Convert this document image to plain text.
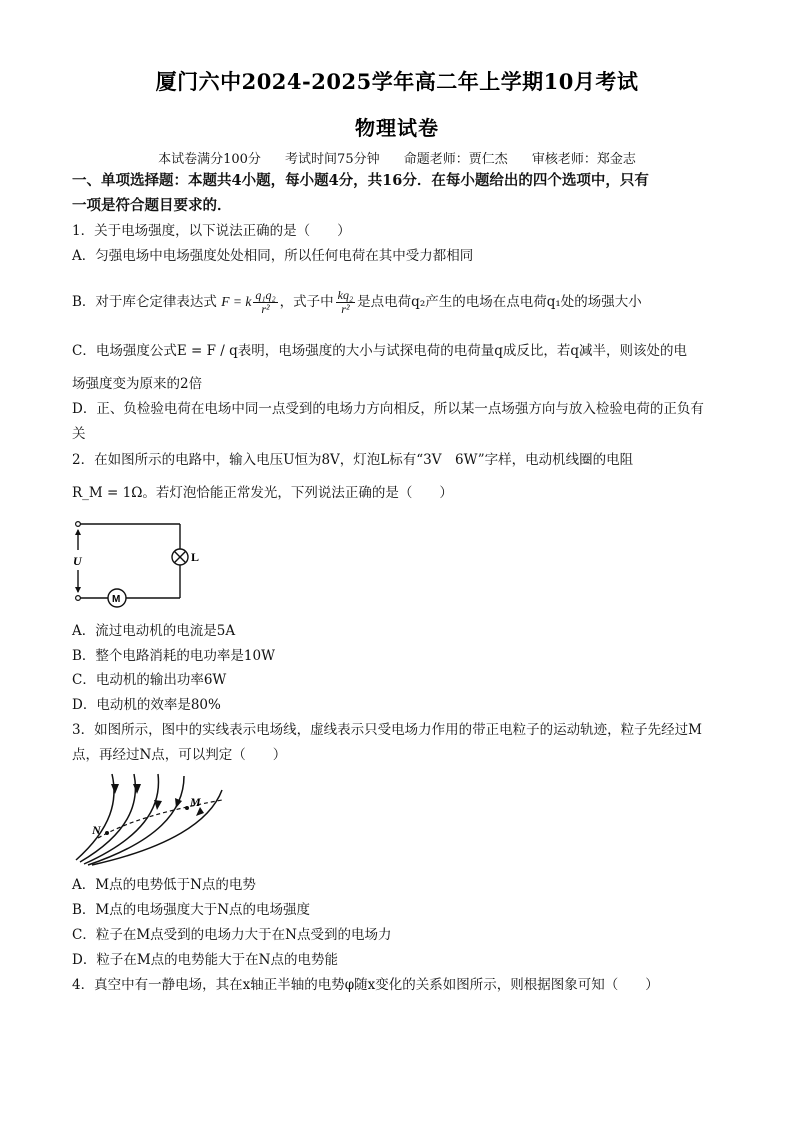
厦门六中2024-2025学年高二年上学期10月考试
物理试卷
本试卷满分100分 考试时间75分钟 命题老师：贾仁杰 审核老师：郑金志
一、单项选择题：本题共4小题，每小题4分，共16分．在每小题给出的四个选项中，只有
一项是符合题目要求的．
1．关于电场强度，以下说法正确的是（　　）
A．匀强电场中电场强度处处相同，所以任何电荷在其中受力都相同
B．对于库仑定律表达式 F = k $\frac{\text{q₁q₂}}{\text{r²}}$ ，式子中 $\frac{\text{kq₂}}{\text{r²}}$ 是点电荷q₂产生的电场在点电荷q₁处的场强大小
C．电场强度公式E = F / q表明，电场强度的大小与试探电荷的电荷量q成反比，若q减半，则该处的电
场强度变为原来的2倍
D．正、负检验电荷在电场中同一点受到的电场力方向相反，所以某一点场强方向与放入检验电荷的正负有
关
2．在如图所示的电路中，输入电压U恒为8V，灯泡L标有“3V　6W”字样，电动机线圈的电阻
R_M = 1Ω。若灯泡恰能正常发光，下列说法正确的是（　　）
U	L
M
A．流过电动机的电流是5A
B．整个电路消耗的电功率是10W
C．电动机的输出功率6W
D．电动机的效率是80%
3．如图所示，图中的实线表示电场线，虚线表示只受电场力作用的带正电粒子的运动轨迹，粒子先经过M
点，再经过N点，可以判定（　　）
M
N
A．M点的电势低于N点的电势
B．M点的电场强度大于N点的电场强度
C．粒子在M点受到的电场力大于在N点受到的电场力
D．粒子在M点的电势能大于在N点的电势能
4．真空中有一静电场，其在x轴正半轴的电势φ随x变化的关系如图所示，则根据图象可知（　　）
